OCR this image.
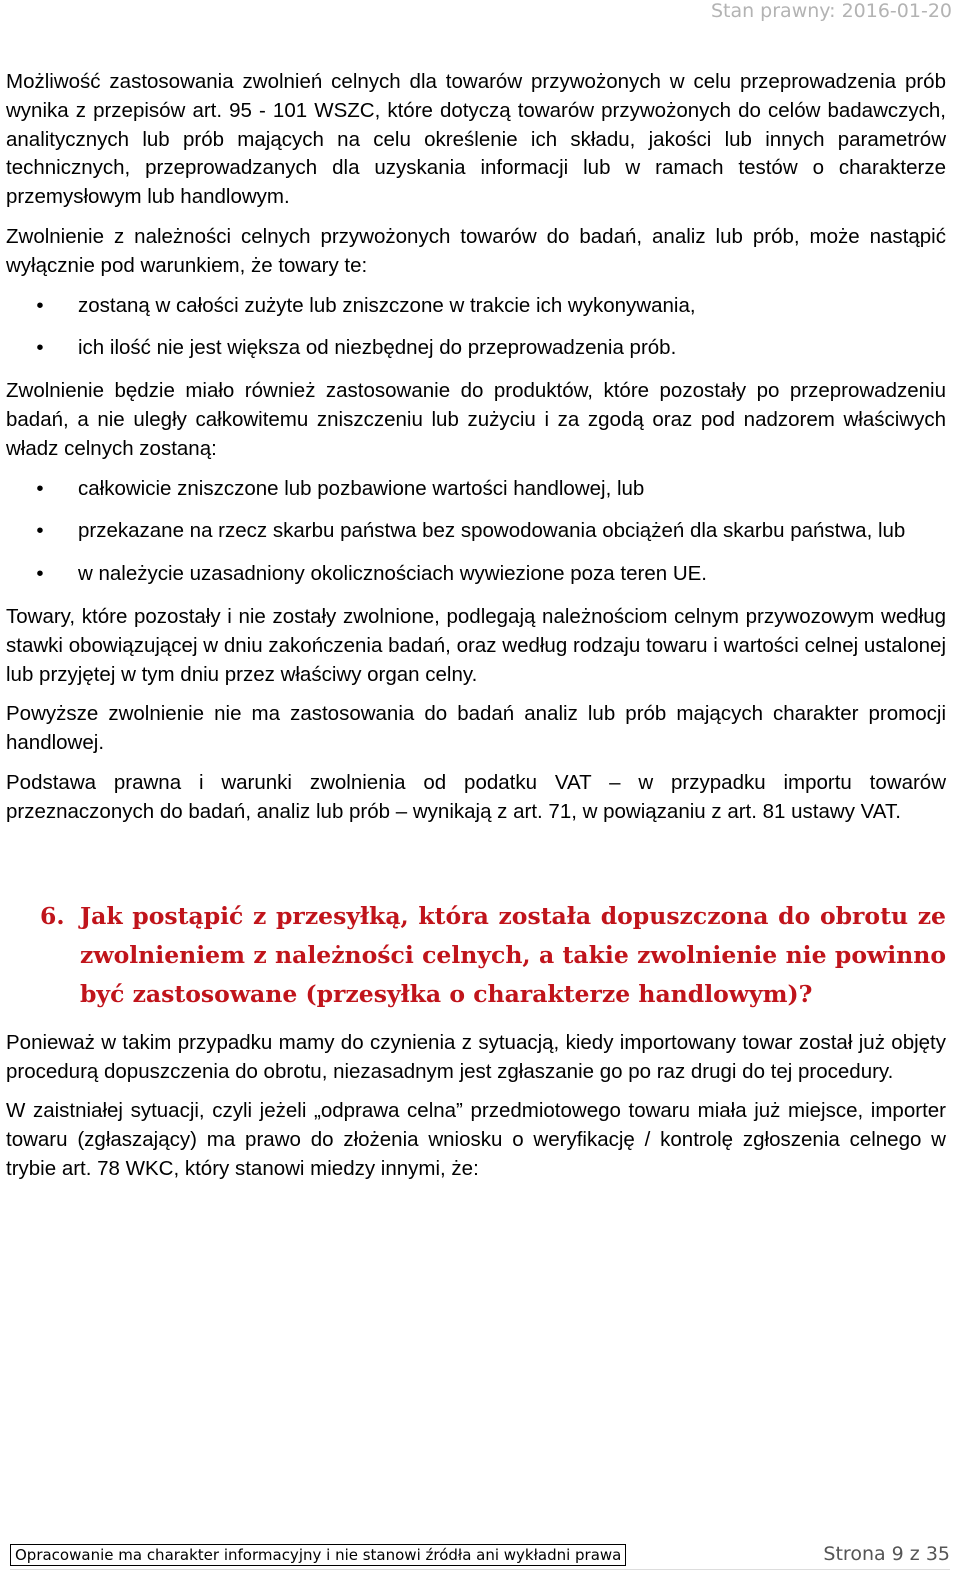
Stan prawny: 2016-01-20

Możliwość zastosowania zwolnień celnych dla towarów przywożonych w celu przeprowadzenia prób wynika z przepisów art. 95 - 101 WSZC, które dotyczą towarów przywożonych do celów badawczych, analitycznych lub prób mających na celu określenie ich składu, jakości lub innych parametrów technicznych, przeprowadzanych dla uzyskania informacji lub w ramach testów o charakterze przemysłowym lub handlowym.

Zwolnienie z należności celnych przywożonych towarów do badań, analiz lub prób, może nastąpić wyłącznie pod warunkiem, że towary te:

•	zostaną w całości zużyte lub zniszczone w trakcie ich wykonywania,
•	ich ilość nie jest większa od niezbędnej do przeprowadzenia prób.

Zwolnienie będzie miało również zastosowanie do produktów, które pozostały po przeprowadzeniu badań, a nie uległy całkowitemu zniszczeniu lub zużyciu i za zgodą oraz pod nadzorem właściwych władz celnych zostaną:

•	całkowicie zniszczone lub pozbawione wartości handlowej, lub
•	przekazane na rzecz skarbu państwa bez spowodowania obciążeń dla skarbu państwa, lub
•	w należycie uzasadniony okolicznościach wywiezione poza teren UE.

Towary, które pozostały i nie zostały zwolnione, podlegają należnościom celnym przywozowym według stawki obowiązującej w dniu zakończenia badań, oraz według rodzaju towaru i wartości celnej ustalonej lub przyjętej w tym dniu przez właściwy organ celny.

Powyższe zwolnienie nie ma zastosowania do badań analiz lub prób mających charakter promocji handlowej.

Podstawa prawna i warunki zwolnienia od podatku VAT – w przypadku importu towarów przeznaczonych do badań, analiz lub prób – wynikają z art. 71, w powiązaniu z art. 81 ustawy VAT.

6. Jak postąpić z przesyłką, która została dopuszczona do obrotu ze zwolnieniem z należności celnych, a takie zwolnienie nie powinno być zastosowane (przesyłka o charakterze handlowym)?

Ponieważ w takim przypadku mamy do czynienia z sytuacją, kiedy importowany towar został już objęty procedurą dopuszczenia do obrotu, niezasadnym jest zgłaszanie go po raz drugi do tej procedury.

W zaistniałej sytuacji, czyli jeżeli „odprawa celna” przedmiotowego towaru miała już miejsce, importer towaru (zgłaszający) ma prawo do złożenia wniosku o weryfikację / kontrolę zgłoszenia celnego w trybie art. 78 WKC, który stanowi miedzy innymi, że:

Opracowanie ma charakter informacyjny i nie stanowi źródła ani wykładni prawa	Strona 9 z 35
